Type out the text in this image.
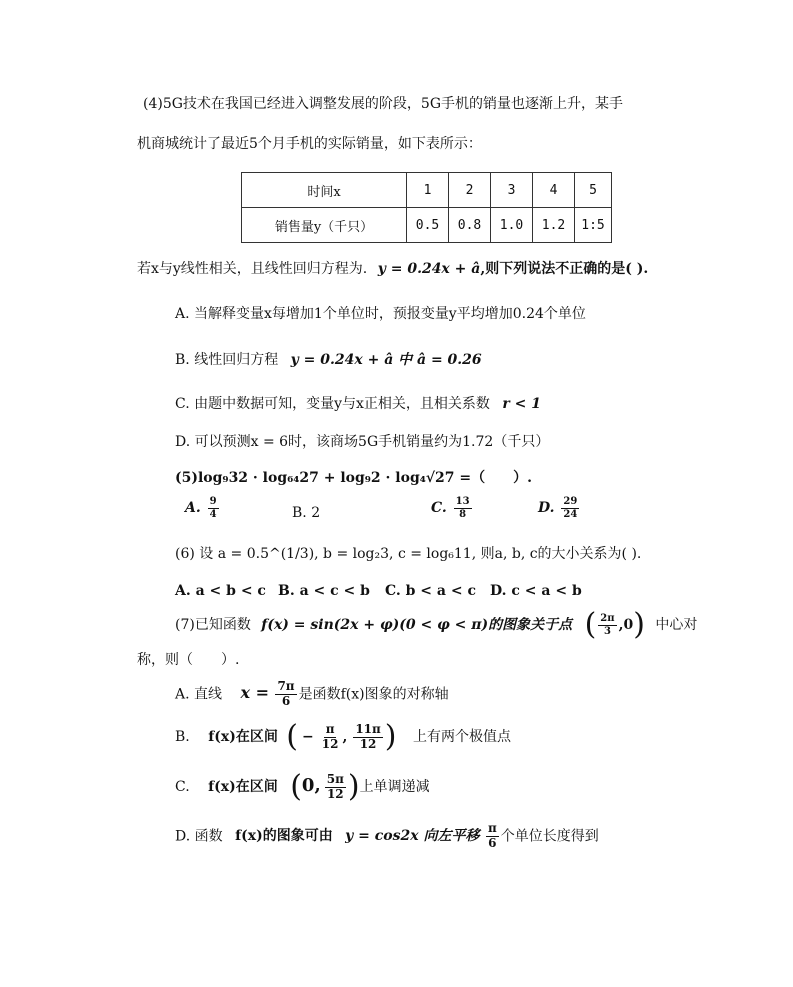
(4)5G技术在我国已经进入调整发展的阶段，5G手机的销量也逐渐上升，某手
机商城统计了最近5个月手机的实际销量，如下表所示：
时间x	1	2	3	4	5
销售量y（千只）	0.5	0.8	1.0	1.2	1:5
若x与y线性相关，且线性回归方程为. y = 0.24x + â,则下列说法不正确的是( ).
A. 当解释变量x每增加1个单位时，预报变量y平均增加0.24个单位
B. 线性回归方程 y = 0.24x + â 中 â = 0.26
C. 由题中数据可知，变量y与x正相关，且相关系数 r < 1
D. 可以预测x = 6时，该商场5G手机销量约为1.72（千只）
(5)log₉32 · log₆₄27 + log₉2 · log₄√27 =（　　）.
A. $\frac{9}{4}$	B. 2	C. $\frac{13}{8}$	D. $\frac{29}{24}$
(6) 设 a = 0.5^(1/3), b = log₂3, c = log₆11, 则a, b, c的大小关系为( ).
A. a < b < c B. a < c < b C. b < a < c D. c < a < b
(7)已知函数 f(x) = sin(2x + φ)(0 < φ < π)的图象关于点 ( $\frac{2\pi}{3} ,0$) 中心对
称，则（　　）.
A. 直线 $x = \frac{7\pi}{6}$ 是函数f(x)图象的对称轴
B. f(x)在区间 ( − $\frac{\pi}{12}$ , $\frac{11\pi}{12}$ ) 上有两个极值点
C. f(x)在区间 (0, $\frac{5\pi}{12}$ )上单调递减
D. 函数 f(x)的图象可由 y = cos2x 向左平移 $\frac{\pi}{6}$ 个单位长度得到
